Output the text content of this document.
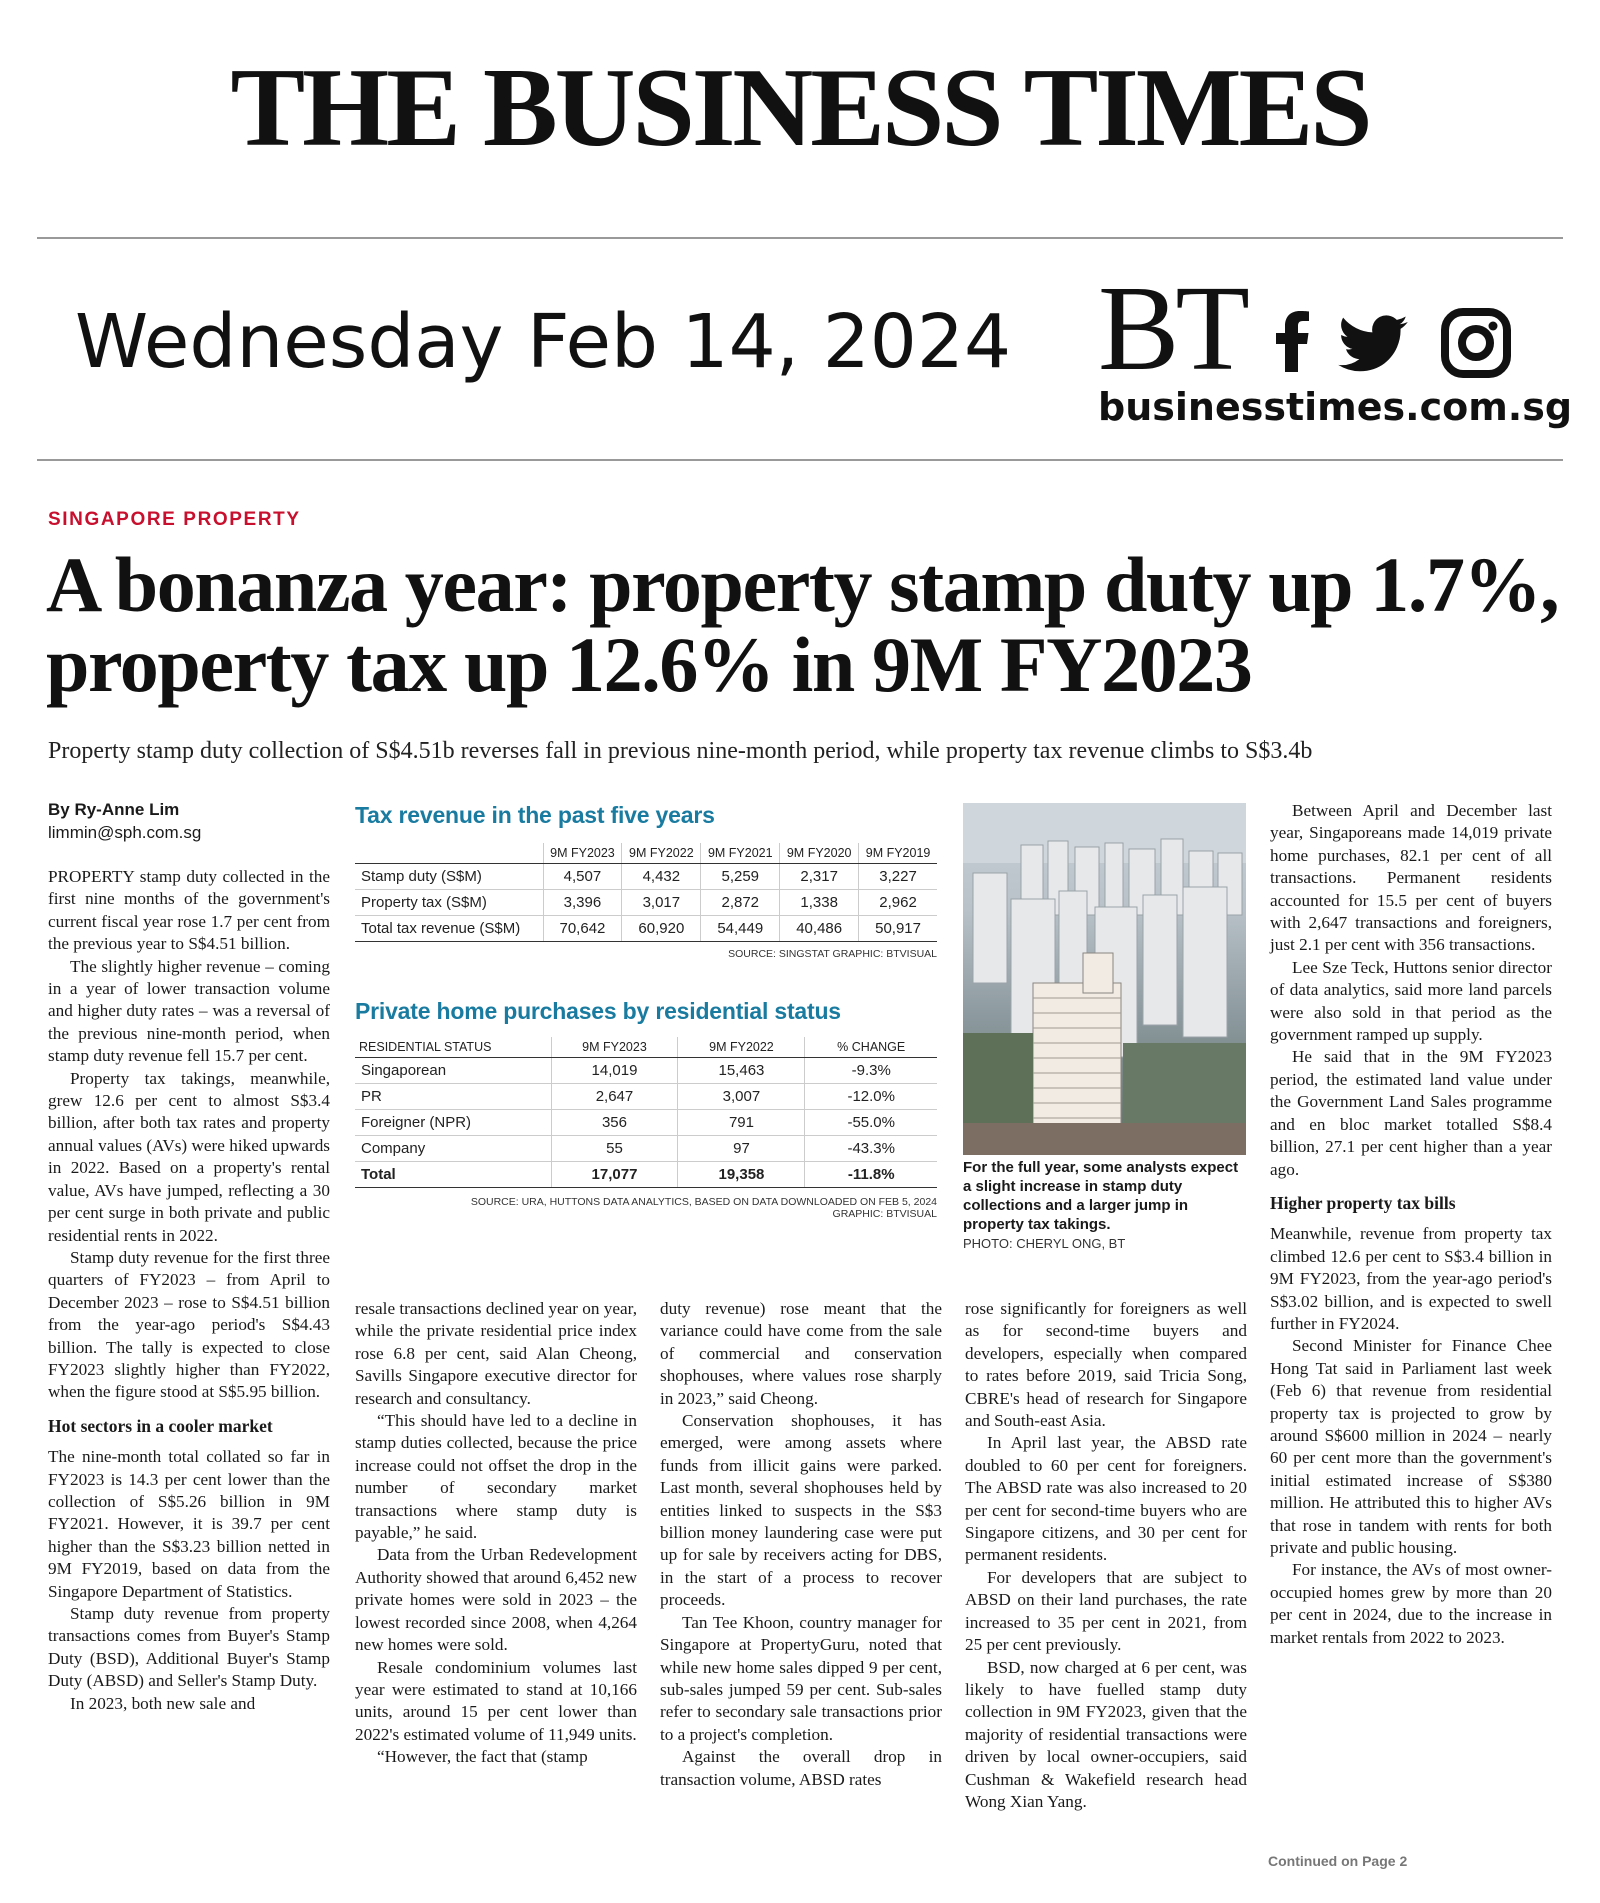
THE BUSINESS TIMES
Wednesday Feb 14, 2024 BT
businesstimes.com.sg
SINGAPORE PROPERTY
A bonanza year: property stamp duty up 1.7%, property tax up 12.6% in 9M FY2023
Property stamp duty collection of S$4.51b reverses fall in previous nine-month period, while property tax revenue climbs to S$3.4b
By Ry-Anne Lim
limmin@sph.com.sg

PROPERTY stamp duty collected in the first nine months of the government's current fiscal year rose 1.7 per cent from the previous year to S$4.51 billion.

The slightly higher revenue – coming in a year of lower transaction volume and higher duty rates – was a reversal of the previous nine-month period, when stamp duty revenue fell 15.7 per cent.

Property tax takings, meanwhile, grew 12.6 per cent to almost S$3.4 billion, after both tax rates and property annual values (AVs) were hiked upwards in 2022. Based on a property's rental value, AVs have jumped, reflecting a 30 per cent surge in both private and public residential rents in 2022.

Stamp duty revenue for the first three quarters of FY2023 – from April to December 2023 – rose to S$4.51 billion from the year-ago period's S$4.43 billion. The tally is expected to close FY2023 slightly higher than FY2022, when the figure stood at S$5.95 billion.

Hot sectors in a cooler market

The nine-month total collated so far in FY2023 is 14.3 per cent lower than the collection of S$5.26 billion in 9M FY2021. However, it is 39.7 per cent higher than the S$3.23 billion netted in 9M FY2019, based on data from the Singapore Department of Statistics.

Stamp duty revenue from property transactions comes from Buyer's Stamp Duty (BSD), Additional Buyer's Stamp Duty (ABSD) and Seller's Stamp Duty.

In 2023, both new sale and

Tax revenue in the past five years
	9M FY2023	9M FY2022	9M FY2021	9M FY2020	9M FY2019
Stamp duty (S$M)	4,507	4,432	5,259	2,317	3,227
Property tax (S$M)	3,396	3,017	2,872	1,338	2,962
Total tax revenue (S$M)	70,642	60,920	54,449	40,486	50,917
SOURCE: SINGSTAT GRAPHIC: BTVISUAL
Private home purchases by residential status
RESIDENTIAL STATUS	9M FY2023	9M FY2022	% CHANGE
Singaporean	14,019	15,463	-9.3%
PR	2,647	3,007	-12.0%
Foreigner (NPR)	356	791	-55.0%
Company	55	97	-43.3%
Total	17,077	19,358	-11.8%
SOURCE: URA, HUTTONS DATA ANALYTICS, BASED ON DATA DOWNLOADED ON FEB 5, 2024
GRAPHIC: BTVISUAL
For the full year, some analysts expect a slight increase in stamp duty collections and a larger jump in property tax takings.
PHOTO: CHERYL ONG, BT

resale transactions declined year on year, while the private residential price index rose 6.8 per cent, said Alan Cheong, Savills Singapore executive director for research and consultancy.

“This should have led to a decline in stamp duties collected, because the price increase could not offset the drop in the number of secondary market transactions where stamp duty is payable,” he said.

Data from the Urban Redevelopment Authority showed that around 6,452 new private homes were sold in 2023 – the lowest recorded since 2008, when 4,264 new homes were sold.

Resale condominium volumes last year were estimated to stand at 10,166 units, around 15 per cent lower than 2022's estimated volume of 11,949 units.

“However, the fact that (stamp

duty revenue) rose meant that the variance could have come from the sale of commercial and conservation shophouses, where values rose sharply in 2023,” said Cheong.

Conservation shophouses, it has emerged, were among assets where funds from illicit gains were parked. Last month, several shophouses held by entities linked to suspects in the S$3 billion money laundering case were put up for sale by receivers acting for DBS, in the start of a process to recover proceeds.

Tan Tee Khoon, country manager for Singapore at PropertyGuru, noted that while new home sales dipped 9 per cent, sub-sales jumped 59 per cent. Sub-sales refer to secondary sale transactions prior to a project's completion.

Against the overall drop in transaction volume, ABSD rates

rose significantly for foreigners as well as for second-time buyers and developers, especially when compared to rates before 2019, said Tricia Song, CBRE's head of research for Singapore and South-east Asia.

In April last year, the ABSD rate doubled to 60 per cent for foreigners. The ABSD rate was also increased to 20 per cent for second-time buyers who are Singapore citizens, and 30 per cent for permanent residents.

For developers that are subject to ABSD on their land purchases, the rate increased to 35 per cent in 2021, from 25 per cent previously.

BSD, now charged at 6 per cent, was likely to have fuelled stamp duty collection in 9M FY2023, given that the majority of residential transactions were driven by local owner-occupiers, said Cushman & Wakefield research head Wong Xian Yang.

Between April and December last year, Singaporeans made 14,019 private home purchases, 82.1 per cent of all transactions. Permanent residents accounted for 15.5 per cent of buyers with 2,647 transactions and foreigners, just 2.1 per cent with 356 transactions.

Lee Sze Teck, Huttons senior director of data analytics, said more land parcels were also sold in that period as the government ramped up supply.

He said that in the 9M FY2023 period, the estimated land value under the Government Land Sales programme and en bloc market totalled S$8.4 billion, 27.1 per cent higher than a year ago.

Higher property tax bills

Meanwhile, revenue from property tax climbed 12.6 per cent to S$3.4 billion in 9M FY2023, from the year-ago period's S$3.02 billion, and is expected to swell further in FY2024.

Second Minister for Finance Chee Hong Tat said in Parliament last week (Feb 6) that revenue from residential property tax is projected to grow by around S$600 million in 2024 – nearly 60 per cent more than the government's initial estimated increase of S$380 million. He attributed this to higher AVs that rose in tandem with rents for both private and public housing.

For instance, the AVs of most owner-occupied homes grew by more than 20 per cent in 2024, due to the increase in market rentals from 2022 to 2023.

Continued on Page 2
